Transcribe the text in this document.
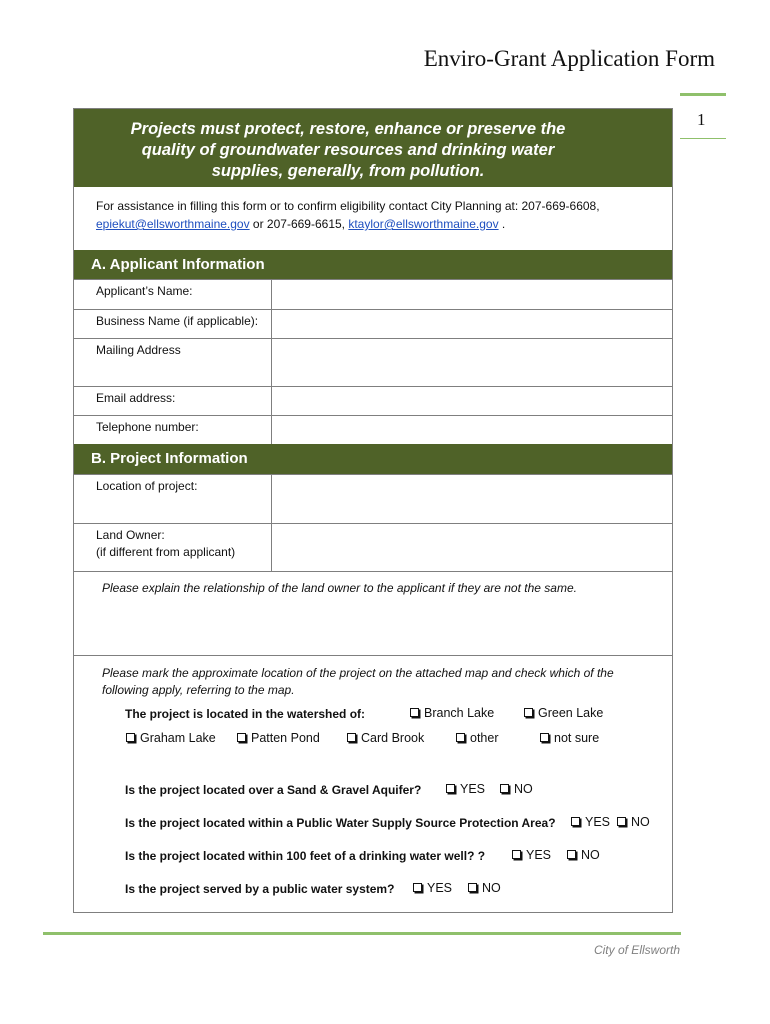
Enviro-Grant Application Form
1
Projects must protect, restore, enhance or preserve the
quality of groundwater resources and drinking water
supplies, generally, from pollution.
For assistance in filling this form or to confirm eligibility contact City Planning at: 207-669-6608,
epiekut@ellsworthmaine.gov or 207-669-6615, ktaylor@ellsworthmaine.gov .
A. Applicant Information
Applicant’s Name:
Business Name (if applicable):
Mailing Address
Email address:
Telephone number:
B. Project Information
Location of project:
Land Owner:
(if different from applicant)
Please explain the relationship of the land owner to the applicant if they are not the same.
Please mark the approximate location of the project on the attached map and check which of the
following apply, referring to the map.
The project is located in the watershed of:	Branch Lake	Green Lake
Graham Lake	Patten Pond	Card Brook	other	not sure
Is the project located over a Sand & Gravel Aquifer?	YES NO
Is the project located within a Public Water Supply Source Protection Area? YES NO
Is the project located within 100 feet of a drinking water well? ?	YES NO
Is the project served by a public water system?	YES NO
City of Ellsworth
